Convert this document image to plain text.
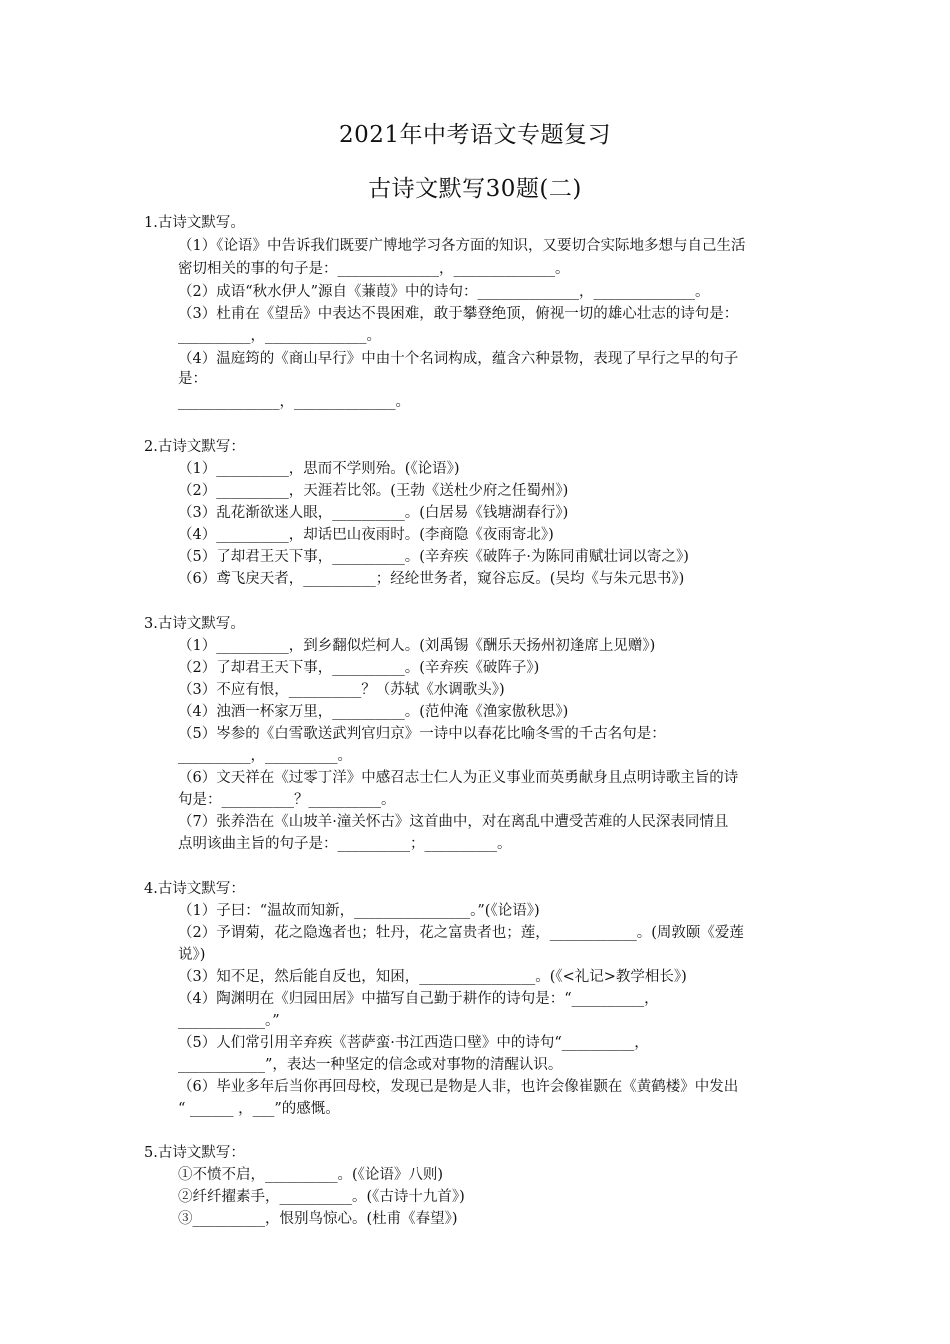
2021年中考语文专题复习
古诗文默写30题(二)
1.古诗文默写。
（1）《论语》中告诉我们既要广博地学习各方面的知识，又要切合实际地多想与自己生活
密切相关的事的句子是：______________，______________。
（2）成语“秋水伊人”源自《蒹葭》中的诗句：______________，______________。
（3）杜甫在《望岳》中表达不畏困难，敢于攀登绝顶，俯视一切的雄心壮志的诗句是：
__________，______________。
（4）温庭筠的《商山早行》中由十个名词构成，蕴含六种景物，表现了早行之早的句子
是：
______________，______________。
2.古诗文默写：
（1）__________，思而不学则殆。(《论语》)
（2）__________，天涯若比邻。(王勃《送杜少府之任蜀州》)
（3）乱花渐欲迷人眼，__________。(白居易《钱塘湖春行》)
（4）__________，却话巴山夜雨时。(李商隐《夜雨寄北》)
（5）了却君王天下事，__________。(辛弃疾《破阵子·为陈同甫赋壮词以寄之》)
（6）鸢飞戾天者，__________；经纶世务者，窥谷忘反。(吴均《与朱元思书》)
3.古诗文默写。
（1）__________，到乡翻似烂柯人。(刘禹锡《酬乐天扬州初逢席上见赠》)
（2）了却君王天下事，__________。(辛弃疾《破阵子》)
（3）不应有恨，__________？（苏轼《水调歌头》)
（4）浊酒一杯家万里，__________。(范仲淹《渔家傲秋思》)
（5）岑参的《白雪歌送武判官归京》一诗中以春花比喻冬雪的千古名句是：
__________，__________。
（6）文天祥在《过零丁洋》中感召志士仁人为正义事业而英勇献身且点明诗歌主旨的诗
句是：__________？__________。
（7）张养浩在《山坡羊·潼关怀古》这首曲中，对在离乱中遭受苦难的人民深表同情且
点明该曲主旨的句子是：__________；__________。
4.古诗文默写：
（1）子曰：“温故而知新，________________。”(《论语》)
（2）予谓菊，花之隐逸者也；牡丹，花之富贵者也；莲，____________。(周敦颐《爱莲
说》)
（3）知不足，然后能自反也，知困，________________。(《<礼记>教学相长》)
（4）陶渊明在《归园田居》中描写自己勤于耕作的诗句是：“__________，
____________。”
（5）人们常引用辛弃疾《菩萨蛮·书江西造口壁》中的诗句“__________，
____________”，表达一种坚定的信念或对事物的清醒认识。
（6）毕业多年后当你再回母校，发现已是物是人非，也许会像崔颢在《黄鹤楼》中发出
“ ______ ，___”的感慨。
5.古诗文默写：
①不愤不启，__________。(《论语》八则)
②纤纤擢素手，__________。(《古诗十九首》)
③__________，恨别鸟惊心。(杜甫《春望》)
